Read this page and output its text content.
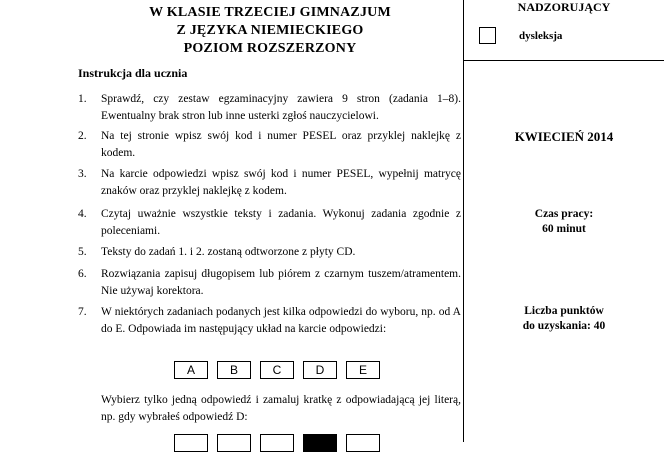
W KLASIE TRZECIEJ GIMNAZJUM
Z JĘZYKA NIEMIECKIEGO
POZIOM ROZSZERZONY
Instrukcja dla ucznia
1.	Sprawdź, czy zestaw egzaminacyjny zawiera 9 stron (zadania 1–8). Ewentualny brak stron lub inne usterki zgłoś nauczycielowi.
2.	Na tej stronie wpisz swój kod i numer PESEL oraz przyklej naklejkę z kodem.
3.	Na karcie odpowiedzi wpisz swój kod i numer PESEL, wypełnij matrycę znaków oraz przyklej naklejkę z kodem.
4.	Czytaj uważnie wszystkie teksty i zadania. Wykonuj zadania zgodnie z poleceniami.
5.	Teksty do zadań 1. i 2. zostaną odtworzone z płyty CD.
6.	Rozwiązania zapisuj długopisem lub piórem z czarnym tuszem/atramentem. Nie używaj korektora.
7.	W niektórych zadaniach podanych jest kilka odpowiedzi do wyboru, np. od A do E. Odpowiada im następujący układ na karcie odpowiedzi:
A	B	C	D	E
Wybierz tylko jedną odpowiedź i zamaluj kratkę z odpowiadającą jej literą, np. gdy wybrałeś odpowiedź D:
NADZORUJĄCY
dysleksja
KWIECIEŃ 2014
Czas pracy:
60 minut
Liczba punktów
do uzyskania: 40
